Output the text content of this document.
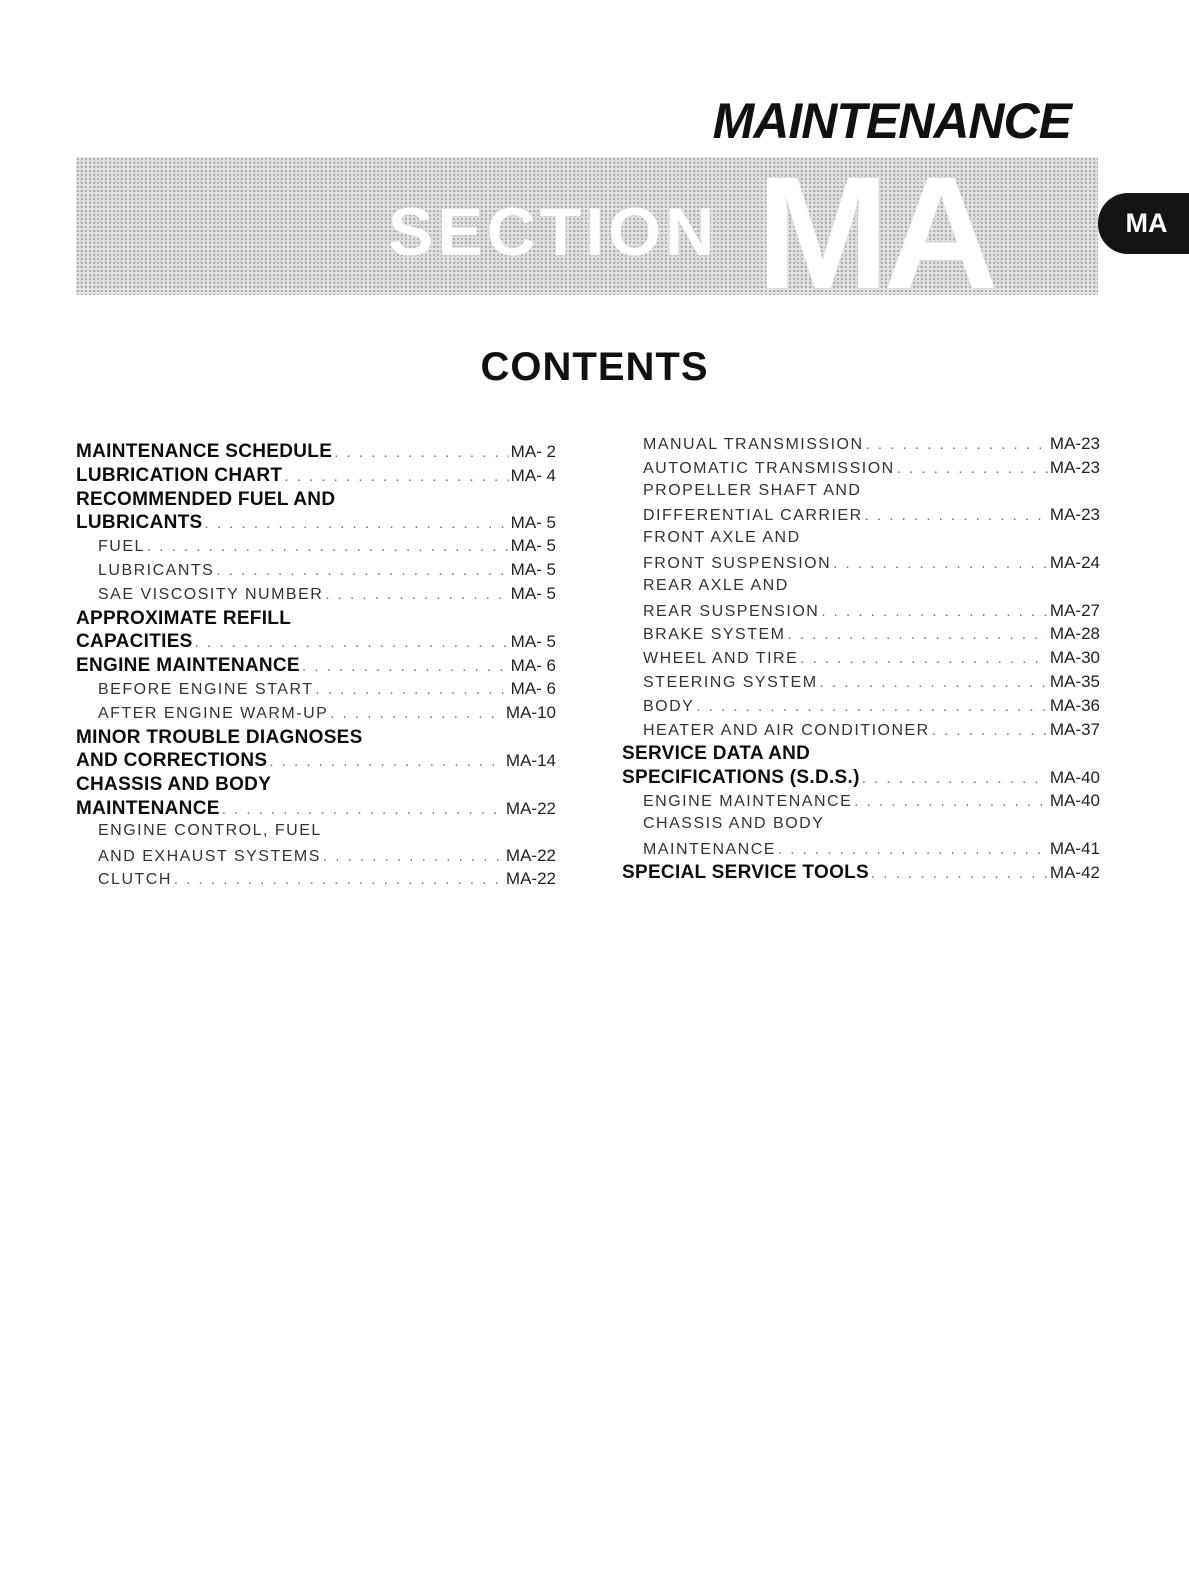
MAINTENANCE
SECTION MA	MA
CONTENTS
MAINTENANCE SCHEDULE . . .	MA- 2
LUBRICATION CHART . . .	MA- 4
RECOMMENDED FUEL AND
LUBRICANTS . . .	MA- 5
FUEL . . .	MA- 5
LUBRICANTS . . .	MA- 5
SAE VISCOSITY NUMBER . . .	MA- 5
APPROXIMATE REFILL
CAPACITIES . . .	MA- 5
ENGINE MAINTENANCE . . .	MA- 6
BEFORE ENGINE START . . .	MA- 6
AFTER ENGINE WARM-UP . . .	MA-10
MINOR TROUBLE DIAGNOSES
AND CORRECTIONS . . .	MA-14
CHASSIS AND BODY
MAINTENANCE . . .	MA-22
ENGINE CONTROL, FUEL
AND EXHAUST SYSTEMS . . .	MA-22
CLUTCH . . .	MA-22
MANUAL TRANSMISSION . . .	MA-23
AUTOMATIC TRANSMISSION . . .	MA-23
PROPELLER SHAFT AND
DIFFERENTIAL CARRIER . . .	MA-23
FRONT AXLE AND
FRONT SUSPENSION . . .	MA-24
REAR AXLE AND
REAR SUSPENSION . . .	MA-27
BRAKE SYSTEM . . .	MA-28
WHEEL AND TIRE . . .	MA-30
STEERING SYSTEM . . .	MA-35
BODY . . .	MA-36
HEATER AND AIR CONDITIONER . . .	MA-37
SERVICE DATA AND
SPECIFICATIONS (S.D.S.) . . .	MA-40
ENGINE MAINTENANCE . . .	MA-40
CHASSIS AND BODY
MAINTENANCE . . .	MA-41
SPECIAL SERVICE TOOLS . . .	MA-42
